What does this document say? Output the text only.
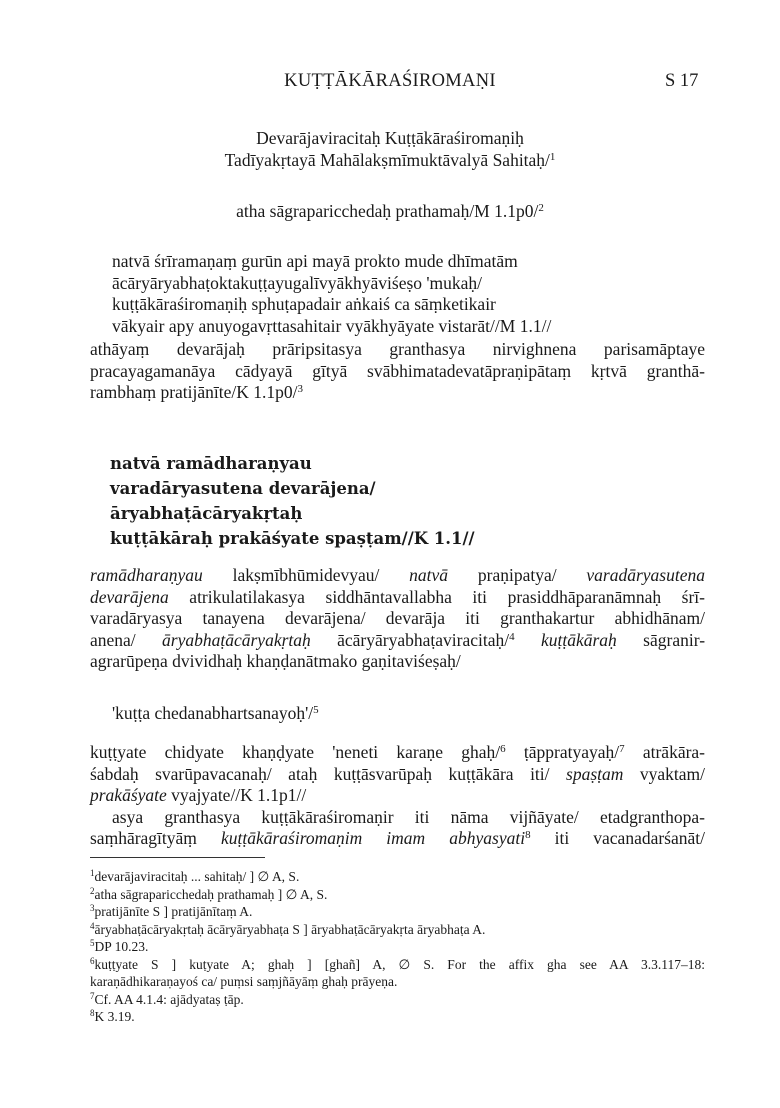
KUṬṬĀKĀRAŚIROMAṆI	S 17
Devarājaviracitaḥ Kuṭṭākāraśiromaṇiḥ
Tadīyakṛtayā Mahālakṣmīmuktāvalyā Sahitaḥ/$^1$
atha sāgraparicchedaḥ prathamaḥ/M 1.1p0/$^2$
natvā śrīramaṇaṃ gurūn api mayā prokto mude dhīmatām
ācāryāryabhaṭoktakuṭṭayugalīvyākhyāviśeṣo 'mukaḥ/
kuṭṭākāraśiromaṇiḥ sphuṭapadair aṅkaiś ca sāṃketikair
vākyair apy anuyogavṛttasahitair vyākhyāyate vistarāt//M 1.1//
athāyaṃ devarājaḥ prāripsitasya granthasya nirvighnena parisamāptaye
pracayagamanāya cādyayā gītyā svābhimatadevatāpraṇipātaṃ kṛtvā granthā-
rambhaṃ pratijānīte/K 1.1p0/$^3$
natvā ramādharaṇyau
varadāryasutena devarājena/
āryabhaṭācāryakṛtaḥ
kuṭṭākāraḥ prakāśyate spaṣṭam//K 1.1//
ramādharaṇyau lakṣmībhūmidevyau/ natvā praṇipatya/ varadāryasutena
devarājena atrikulatilakasya siddhāntavallabha iti prasiddhāparanāmnaḥ śrī-
varadāryasya tanayena devarājena/ devarāja iti granthakartur abhidhānam/
anena/ āryabhaṭācāryakṛtaḥ ācāryāryabhaṭaviracitaḥ/$^4$ kuṭṭākāraḥ sāgranir-
agrarūpeṇa dvividhaḥ khaṇḍanātmako gaṇitaviśeṣaḥ/
'kuṭṭa chedanabhartsanayoḥ'/$^5$
kuṭṭyate chidyate khaṇḍyate 'neneti karaṇe ghaḥ/$^6$ ṭāppratyayaḥ/$^7$ atrākāra-
śabdaḥ svarūpavacanaḥ/ ataḥ kuṭṭāsvarūpaḥ kuṭṭākāra iti/ spaṣṭam vyaktam/
prakāśyate vyajyate//K 1.1p1//
asya granthasya kuṭṭākāraśiromaṇir iti nāma vijñāyate/ etadgranthopa-
saṃhāragītyāṃ kuṭṭākāraśiromaṇim imam abhyasyati$^8$ iti vacanadarśanāt/
$^1$devarājaviracitaḥ ... sahitaḥ/ ] ∅ A, S.
$^2$atha sāgraparicchedaḥ prathamaḥ ] ∅ A, S.
$^3$pratijānīte S ] pratijānītaṃ A.
$^4$āryabhaṭācāryakṛtaḥ ācāryāryabhaṭa S ] āryabhaṭācāryakṛta āryabhaṭa A.
$^5$DP 10.23.
$^6$kuṭṭyate S ] kuṭyate A; ghaḥ ] [ghañ] A, ∅ S. For the affix gha see AA 3.3.117–18:
karaṇādhikaraṇayoś ca/ puṃsi saṃjñāyāṃ ghaḥ prāyeṇa.
$^7$Cf. AA 4.1.4: ajādyataṣ ṭāp.
$^8$K 3.19.
